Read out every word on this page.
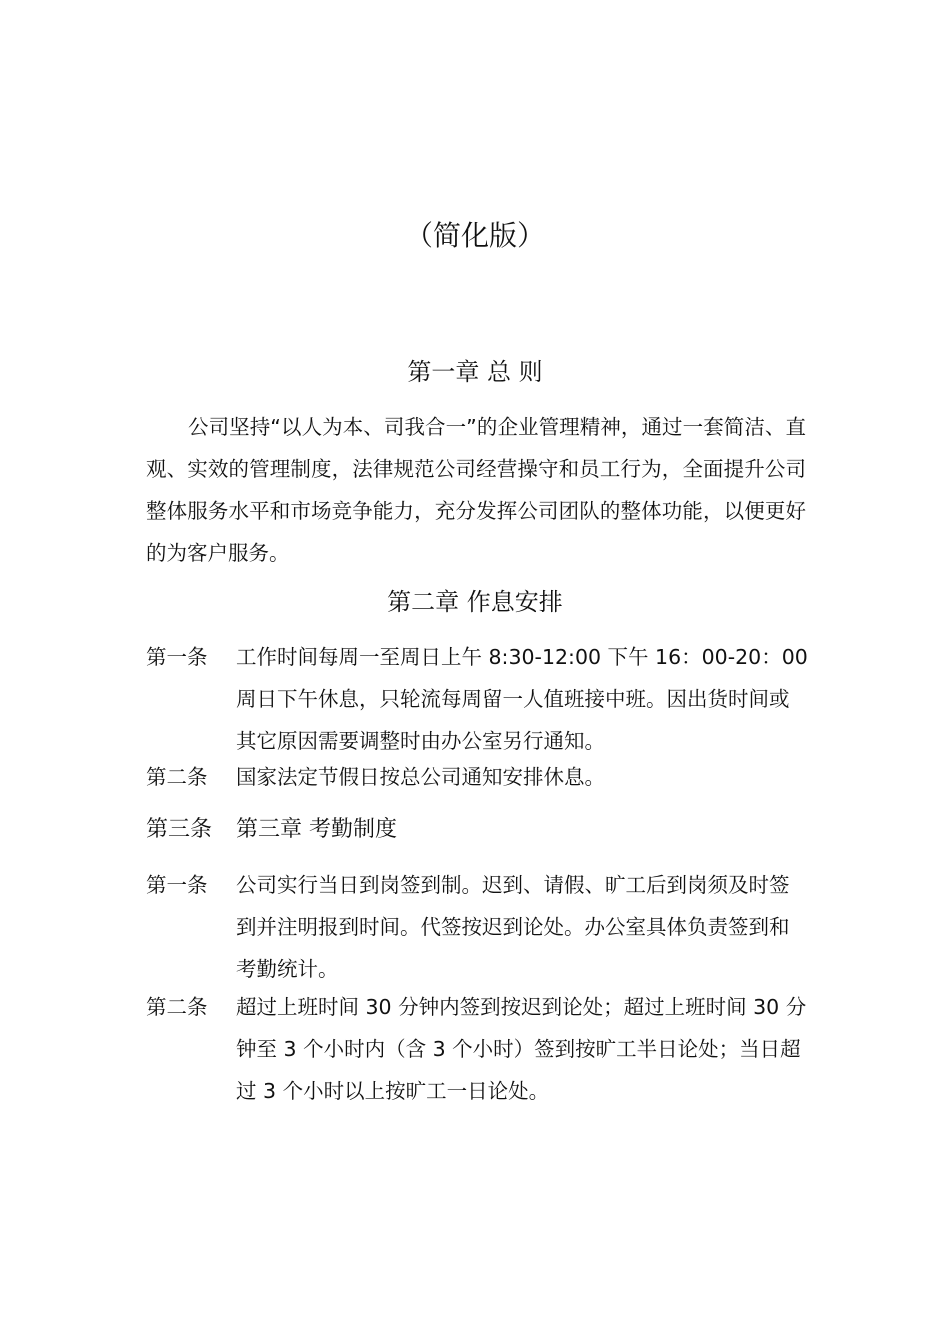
（简化版）
第一章 总 则

公司坚持“以人为本、司我合一”的企业管理精神，通过一套简洁、直观、实效的管理制度，法律规范公司经营操守和员工行为，全面提升公司整体服务水平和市场竞争能力，充分发挥公司团队的整体功能，以便更好的为客户服务。

第二章 作息安排
第一条 工作时间每周一至周日上午 8:30-12:00 下午 16：00-20：00 周日下午休息，只轮流每周留一人值班接中班。因出货时间或其它原因需要调整时由办公室另行通知。
第二条 国家法定节假日按总公司通知安排休息。
第三条 第三章 考勤制度
第一条 公司实行当日到岗签到制。迟到、请假、旷工后到岗须及时签到并注明报到时间。代签按迟到论处。办公室具体负责签到和考勤统计。
第二条 超过上班时间 30 分钟内签到按迟到论处；超过上班时间 30 分钟至 3 个小时内（含 3 个小时）签到按旷工半日论处；当日超过 3 个小时以上按旷工一日论处。
